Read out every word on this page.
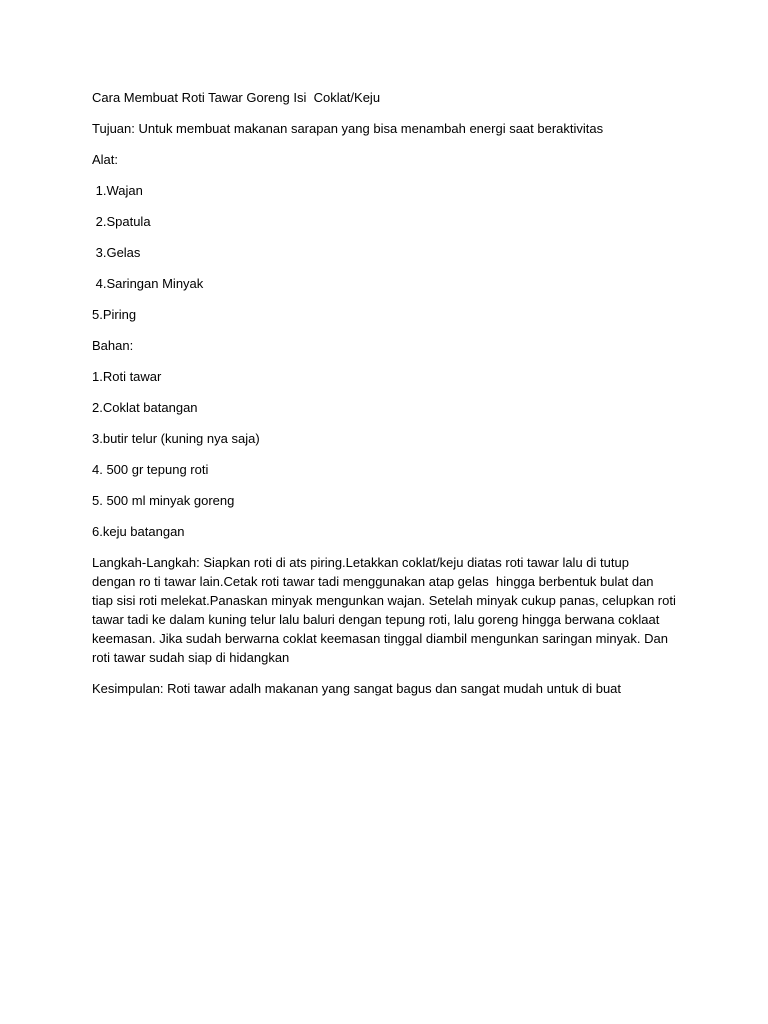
Cara Membuat Roti Tawar Goreng Isi  Coklat/Keju

Tujuan: Untuk membuat makanan sarapan yang bisa menambah energi saat beraktivitas

Alat:

1.Wajan

2.Spatula

3.Gelas

4.Saringan Minyak

5.Piring

Bahan:

1.Roti tawar

2.Coklat batangan

3.butir telur (kuning nya saja)

4. 500 gr tepung roti

5. 500 ml minyak goreng

6.keju batangan

Langkah-Langkah: Siapkan roti di ats piring.Letakkan coklat/keju diatas roti tawar lalu di tutup

dengan ro ti tawar lain.Cetak roti tawar tadi menggunakan atap gelas  hingga berbentuk bulat dan

tiap sisi roti melekat.Panaskan minyak mengunkan wajan. Setelah minyak cukup panas, celupkan roti

tawar tadi ke dalam kuning telur lalu baluri dengan tepung roti, lalu goreng hingga berwana coklaat

keemasan. Jika sudah berwarna coklat keemasan tinggal diambil mengunkan saringan minyak. Dan

roti tawar sudah siap di hidangkan

Kesimpulan: Roti tawar adalh makanan yang sangat bagus dan sangat mudah untuk di buat
